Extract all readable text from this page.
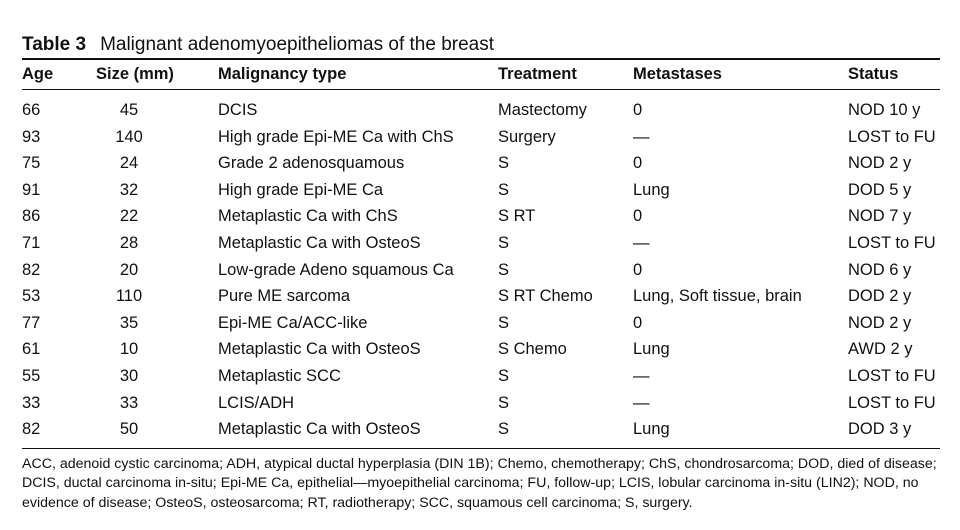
Table 3 Malignant adenomyoepitheliomas of the breast
Age	Size (mm)	Malignancy type	Treatment	Metastases	Status

66	45	DCIS	Mastectomy	0	NOD 10 y
93	140	High grade Epi-ME Ca with ChS	Surgery	—	LOST to FU
75	24	Grade 2 adenosquamous	S	0	NOD 2 y
91	32	High grade Epi-ME Ca	S	Lung	DOD 5 y
86	22	Metaplastic Ca with ChS	S RT	0	NOD 7 y
71	28	Metaplastic Ca with OsteoS	S	—	LOST to FU
82	20	Low-grade Adeno squamous Ca	S	0	NOD 6 y
53	110	Pure ME sarcoma	S RT Chemo	Lung, Soft tissue, brain	DOD 2 y
77	35	Epi-ME Ca/ACC-like	S	0	NOD 2 y
61	10	Metaplastic Ca with OsteoS	S Chemo	Lung	AWD 2 y
55	30	Metaplastic SCC	S	—	LOST to FU
33	33	LCIS/ADH	S	—	LOST to FU
82	50	Metaplastic Ca with OsteoS	S	Lung	DOD 3 y
ACC, adenoid cystic carcinoma; ADH, atypical ductal hyperplasia (DIN 1B); Chemo, chemotherapy; ChS, chondrosarcoma; DOD, died of disease; DCIS, ductal carcinoma in-situ; Epi-ME Ca, epithelial—myoepithelial carcinoma; FU, follow-up; LCIS, lobular carcinoma in-situ (LIN2); NOD, no evidence of disease; OsteoS, osteosarcoma; RT, radiotherapy; SCC, squamous cell carcinoma; S, surgery.
